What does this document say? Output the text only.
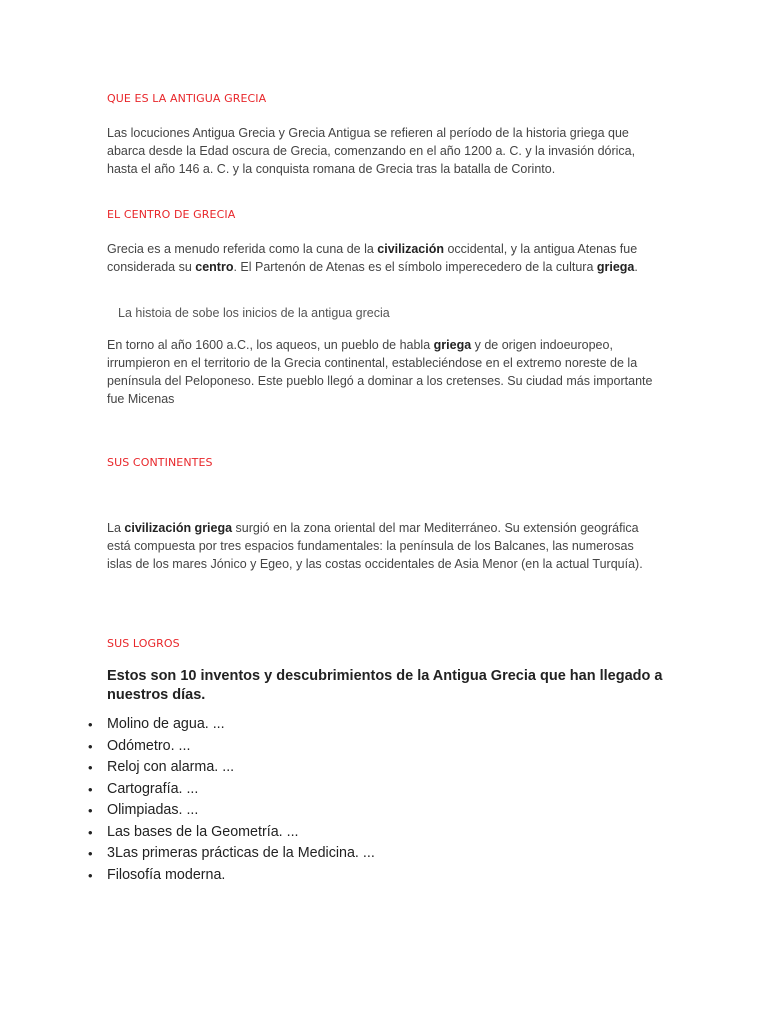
QUE ES LA ANTIGUA GRECIA
Las locuciones Antigua Grecia y Grecia Antigua se refieren al período de la historia griega que abarca desde la Edad oscura de Grecia, comenzando en el año 1200 a. C. y la invasión dórica, hasta el año 146 a. C. y la conquista romana de Grecia tras la batalla de Corinto.
EL CENTRO DE GRECIA
Grecia es a menudo referida como la cuna de la civilización occidental, y la antigua Atenas fue considerada su centro. El Partenón de Atenas es el símbolo imperecedero de la cultura griega.
La histoia de sobe los inicios de la antigua grecia
En torno al año 1600 a.C., los aqueos, un pueblo de habla griega y de origen indoeuropeo, irrumpieron en el territorio de la Grecia continental, estableciéndose en el extremo noreste de la península del Peloponeso. Este pueblo llegó a dominar a los cretenses. Su ciudad más importante fue Micenas
SUS CONTINENTES
La civilización griega surgió en la zona oriental del mar Mediterráneo. Su extensión geográfica está compuesta por tres espacios fundamentales: la península de los Balcanes, las numerosas islas de los mares Jónico y Egeo, y las costas occidentales de Asia Menor (en la actual Turquía).
SUS LOGROS
Estos son 10 inventos y descubrimientos de la Antigua Grecia que han llegado a nuestros días.
• Molino de agua. ...
• Odómetro. ...
• Reloj con alarma. ...
• Cartografía. ...
• Olimpiadas. ...
• Las bases de la Geometría. ...
• 3Las primeras prácticas de la Medicina. ...
• Filosofía moderna.
